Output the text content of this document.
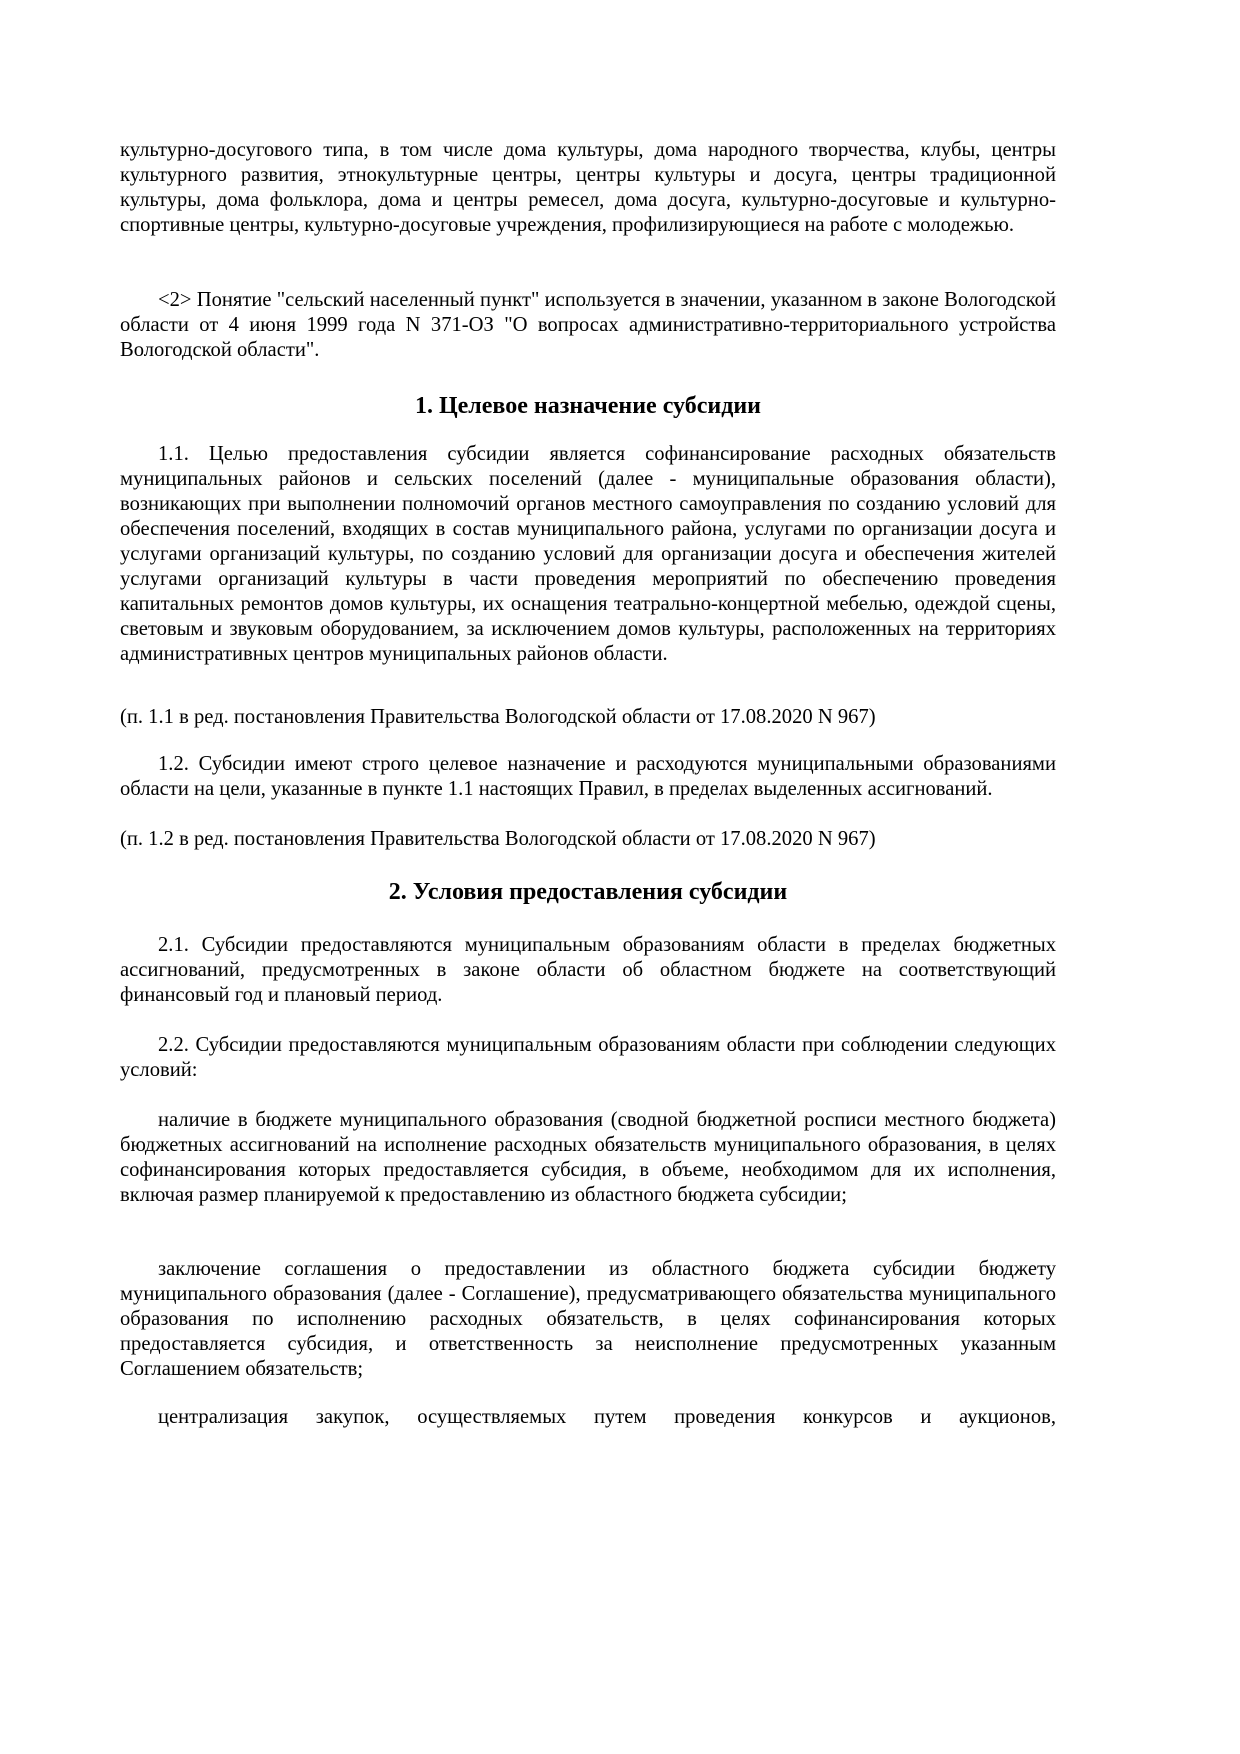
культурно-досугового типа, в том числе дома культуры, дома народного творчества, клубы, центры культурного развития, этнокультурные центры, центры культуры и досуга, центры традиционной культуры, дома фольклора, дома и центры ремесел, дома досуга, культурно-досуговые и культурно-спортивные центры, культурно-досуговые учреждения, профилизирующиеся на работе с молодежью.

<2> Понятие "сельский населенный пункт" используется в значении, указанном в законе Вологодской области от 4 июня 1999 года N 371-ОЗ "О вопросах административно-территориального устройства Вологодской области".

1. Целевое назначение субсидии

1.1. Целью предоставления субсидии является софинансирование расходных обязательств муниципальных районов и сельских поселений (далее - муниципальные образования области), возникающих при выполнении полномочий органов местного самоуправления по созданию условий для обеспечения поселений, входящих в состав муниципального района, услугами по организации досуга и услугами организаций культуры, по созданию условий для организации досуга и обеспечения жителей услугами организаций культуры в части проведения мероприятий по обеспечению проведения капитальных ремонтов домов культуры, их оснащения театрально-концертной мебелью, одеждой сцены, световым и звуковым оборудованием, за исключением домов культуры, расположенных на территориях административных центров муниципальных районов области.

(п. 1.1 в ред. постановления Правительства Вологодской области от 17.08.2020 N 967)

1.2. Субсидии имеют строго целевое назначение и расходуются муниципальными образованиями области на цели, указанные в пункте 1.1 настоящих Правил, в пределах выделенных ассигнований.

(п. 1.2 в ред. постановления Правительства Вологодской области от 17.08.2020 N 967)

2. Условия предоставления субсидии

2.1. Субсидии предоставляются муниципальным образованиям области в пределах бюджетных ассигнований, предусмотренных в законе области об областном бюджете на соответствующий финансовый год и плановый период.

2.2. Субсидии предоставляются муниципальным образованиям области при соблюдении следующих условий:

наличие в бюджете муниципального образования (сводной бюджетной росписи местного бюджета) бюджетных ассигнований на исполнение расходных обязательств муниципального образования, в целях софинансирования которых предоставляется субсидия, в объеме, необходимом для их исполнения, включая размер планируемой к предоставлению из областного бюджета субсидии;

заключение соглашения о предоставлении из областного бюджета субсидии бюджету муниципального образования (далее - Соглашение), предусматривающего обязательства муниципального образования по исполнению расходных обязательств, в целях софинансирования которых предоставляется субсидия, и ответственность за неисполнение предусмотренных указанным Соглашением обязательств;

централизация закупок, осуществляемых путем проведения конкурсов и аукционов,
